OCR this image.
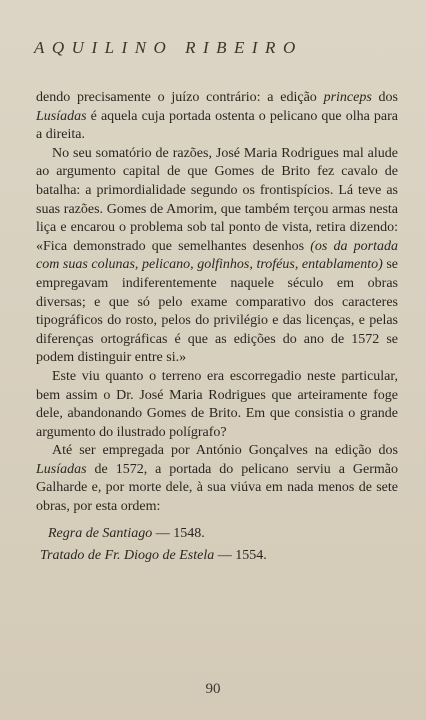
AQUILINO RIBEIRO

dendo precisamente o juízo contrário: a edição princeps dos Lusíadas é aquela cuja portada ostenta o pelicano que olha para a direita.

No seu somatório de razões, José Maria Rodrigues mal alude ao argumento capital de que Gomes de Brito fez cavalo de batalha: a primordialidade segundo os frontispícios. Lá teve as suas razões. Gomes de Amorim, que também terçou armas nesta liça e encarou o problema sob tal ponto de vista, retira dizendo: «Fica demonstrado que semelhantes desenhos (os da portada com suas colunas, pelicano, golfinhos, troféus, entablamento) se empregavam indiferentemente naquele século em obras diversas; e que só pelo exame comparativo dos caracteres tipográficos do rosto, pelos do privilégio e das licenças, e pelas diferenças ortográficas é que as edições do ano de 1572 se podem distinguir entre si.»

Este viu quanto o terreno era escorregadio neste particular, bem assim o Dr. José Maria Rodrigues que arteiramente foge dele, abandonando Gomes de Brito. Em que consistia o grande argumento do ilustrado polígrafo?

Até ser empregada por António Gonçalves na edição dos Lusíadas de 1572, a portada do pelicano serviu a Germão Galharde e, por morte dele, à sua viúva em nada menos de sete obras, por esta ordem:

Regra de Santiago — 1548.
Tratado de Fr. Diogo de Estela — 1554.
90
